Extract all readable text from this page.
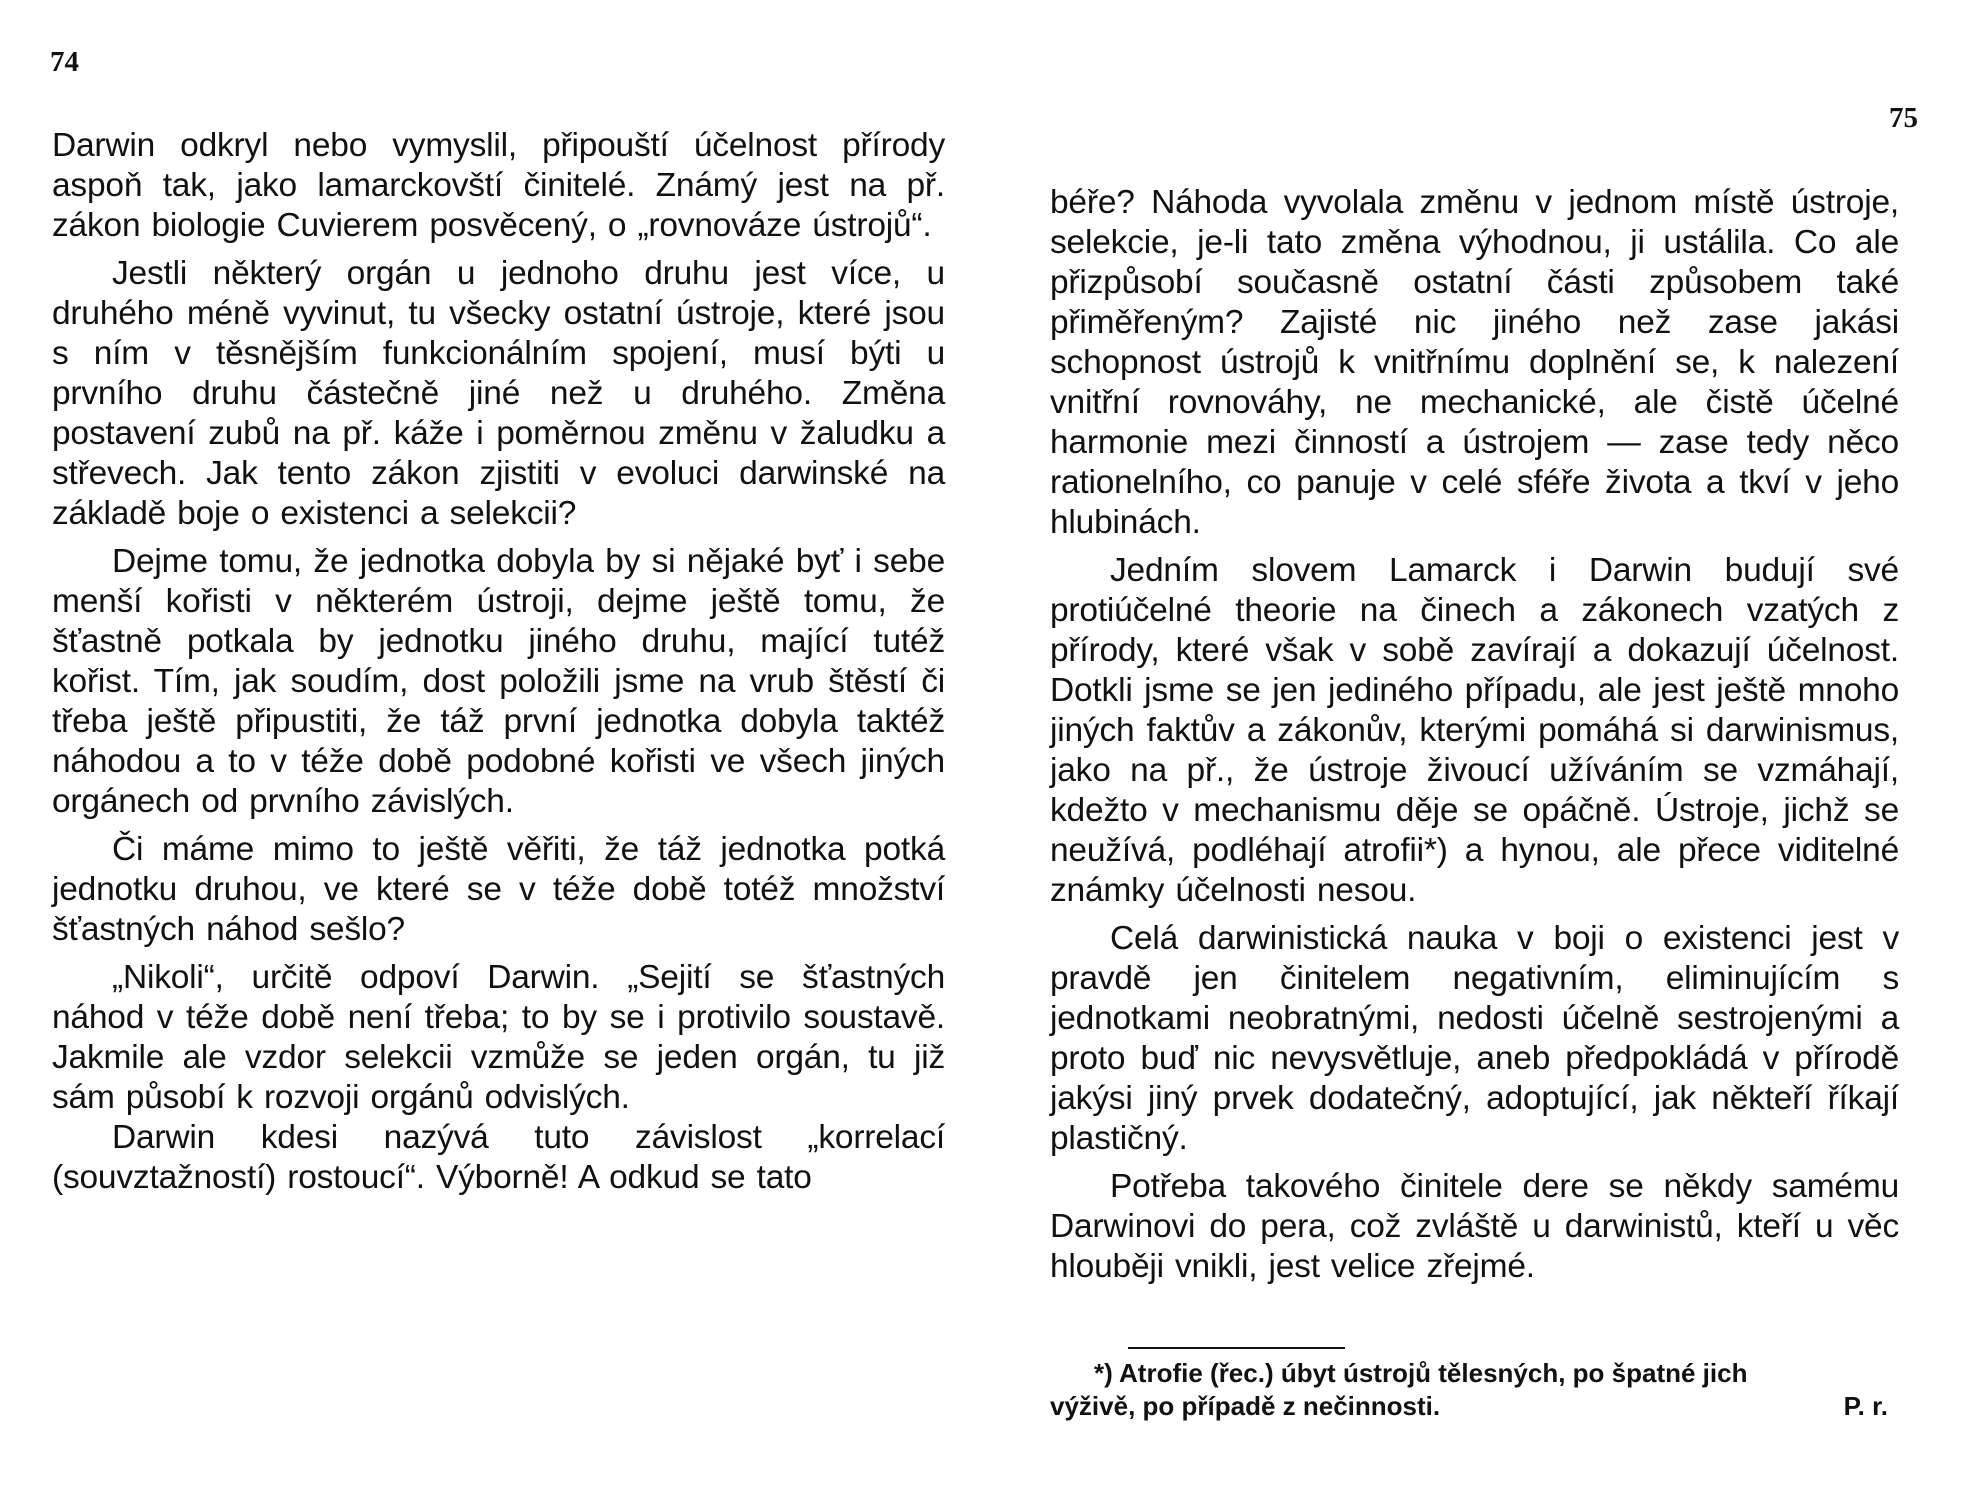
74

Darwin odkryl nebo vymyslil, připouští účelnost přírody aspoň tak, jako lamarckovští činitelé. Známý jest na př. zákon biologie Cuvierem posvěcený, o „rovnováze ústrojů“.

Jestli některý orgán u jednoho druhu jest více, u druhého méně vyvinut, tu všecky ostatní ústroje, které jsou s ním v těsnějším funkcionálním spojení, musí býti u prvního druhu částečně jiné než u druhého. Změna postavení zubů na př. káže i poměrnou změnu v žaludku a střevech. Jak tento zákon zjistiti v evoluci darwinské na základě boje o existenci a selekcii?

Dejme tomu, že jednotka dobyla by si nějaké byť i sebe menší kořisti v některém ústroji, dejme ještě tomu, že šťastně potkala by jednotku jiného druhu, mající tutéž kořist. Tím, jak soudím, dost položili jsme na vrub štěstí či třeba ještě připustiti, že táž první jednotka dobyla taktéž náhodou a to v téže době podobné kořisti ve všech jiných orgánech od prvního závislých.

Či máme mimo to ještě věřiti, že táž jednotka potká jednotku druhou, ve které se v téže době totéž množství šťastných náhod sešlo?

„Nikoli“, určitě odpoví Darwin. „Sejití se šťastných náhod v téže době není třeba; to by se i protivilo soustavě. Jakmile ale vzdor selekcii vzmůže se jeden orgán, tu již sám působí k rozvoji orgánů odvislých.

Darwin kdesi nazývá tuto závislost „korrelací (souvztažností) rostoucí“. Výborně! A odkud se tato

75

béře? Náhoda vyvolala změnu v jednom místě ústroje, selekcie, je-li tato změna výhodnou, ji ustálila. Co ale přizpůsobí současně ostatní části způsobem také přiměřeným? Zajisté nic jiného než zase jakási schopnost ústrojů k vnitřnímu doplnění se, k nalezení vnitřní rovnováhy, ne mechanické, ale čistě účelné harmonie mezi činností a ústrojem — zase tedy něco rationelního, co panuje v celé sféře života a tkví v jeho hlubinách.

Jedním slovem Lamarck i Darwin budují své protiúčelné theorie na činech a zákonech vzatých z přírody, které však v sobě zavírají a dokazují účelnost. Dotkli jsme se jen jediného případu, ale jest ještě mnoho jiných faktův a zákonův, kterými pomáhá si darwinismus, jako na př., že ústroje živoucí užíváním se vzmáhají, kdežto v mechanismu děje se opáčně. Ústroje, jichž se neužívá, podléhají atrofii*) a hynou, ale přece viditelné známky účelnosti nesou.

Celá darwinistická nauka v boji o existenci jest v pravdě jen činitelem negativním, eliminujícím s jednotkami neobratnými, nedosti účelně sestrojenými a proto buď nic nevysvětluje, aneb předpokládá v přírodě jakýsi jiný prvek dodatečný, adoptující, jak někteří říkají plastičný.

Potřeba takového činitele dere se někdy samému Darwinovi do pera, což zvláště u darwinistů, kteří u věc hlouběji vnikli, jest velice zřejmé.

*) Atrofie (řec.) úbyt ústrojů tělesných, po špatné jich
výživě, po případě z nečinnosti.	P. r.
